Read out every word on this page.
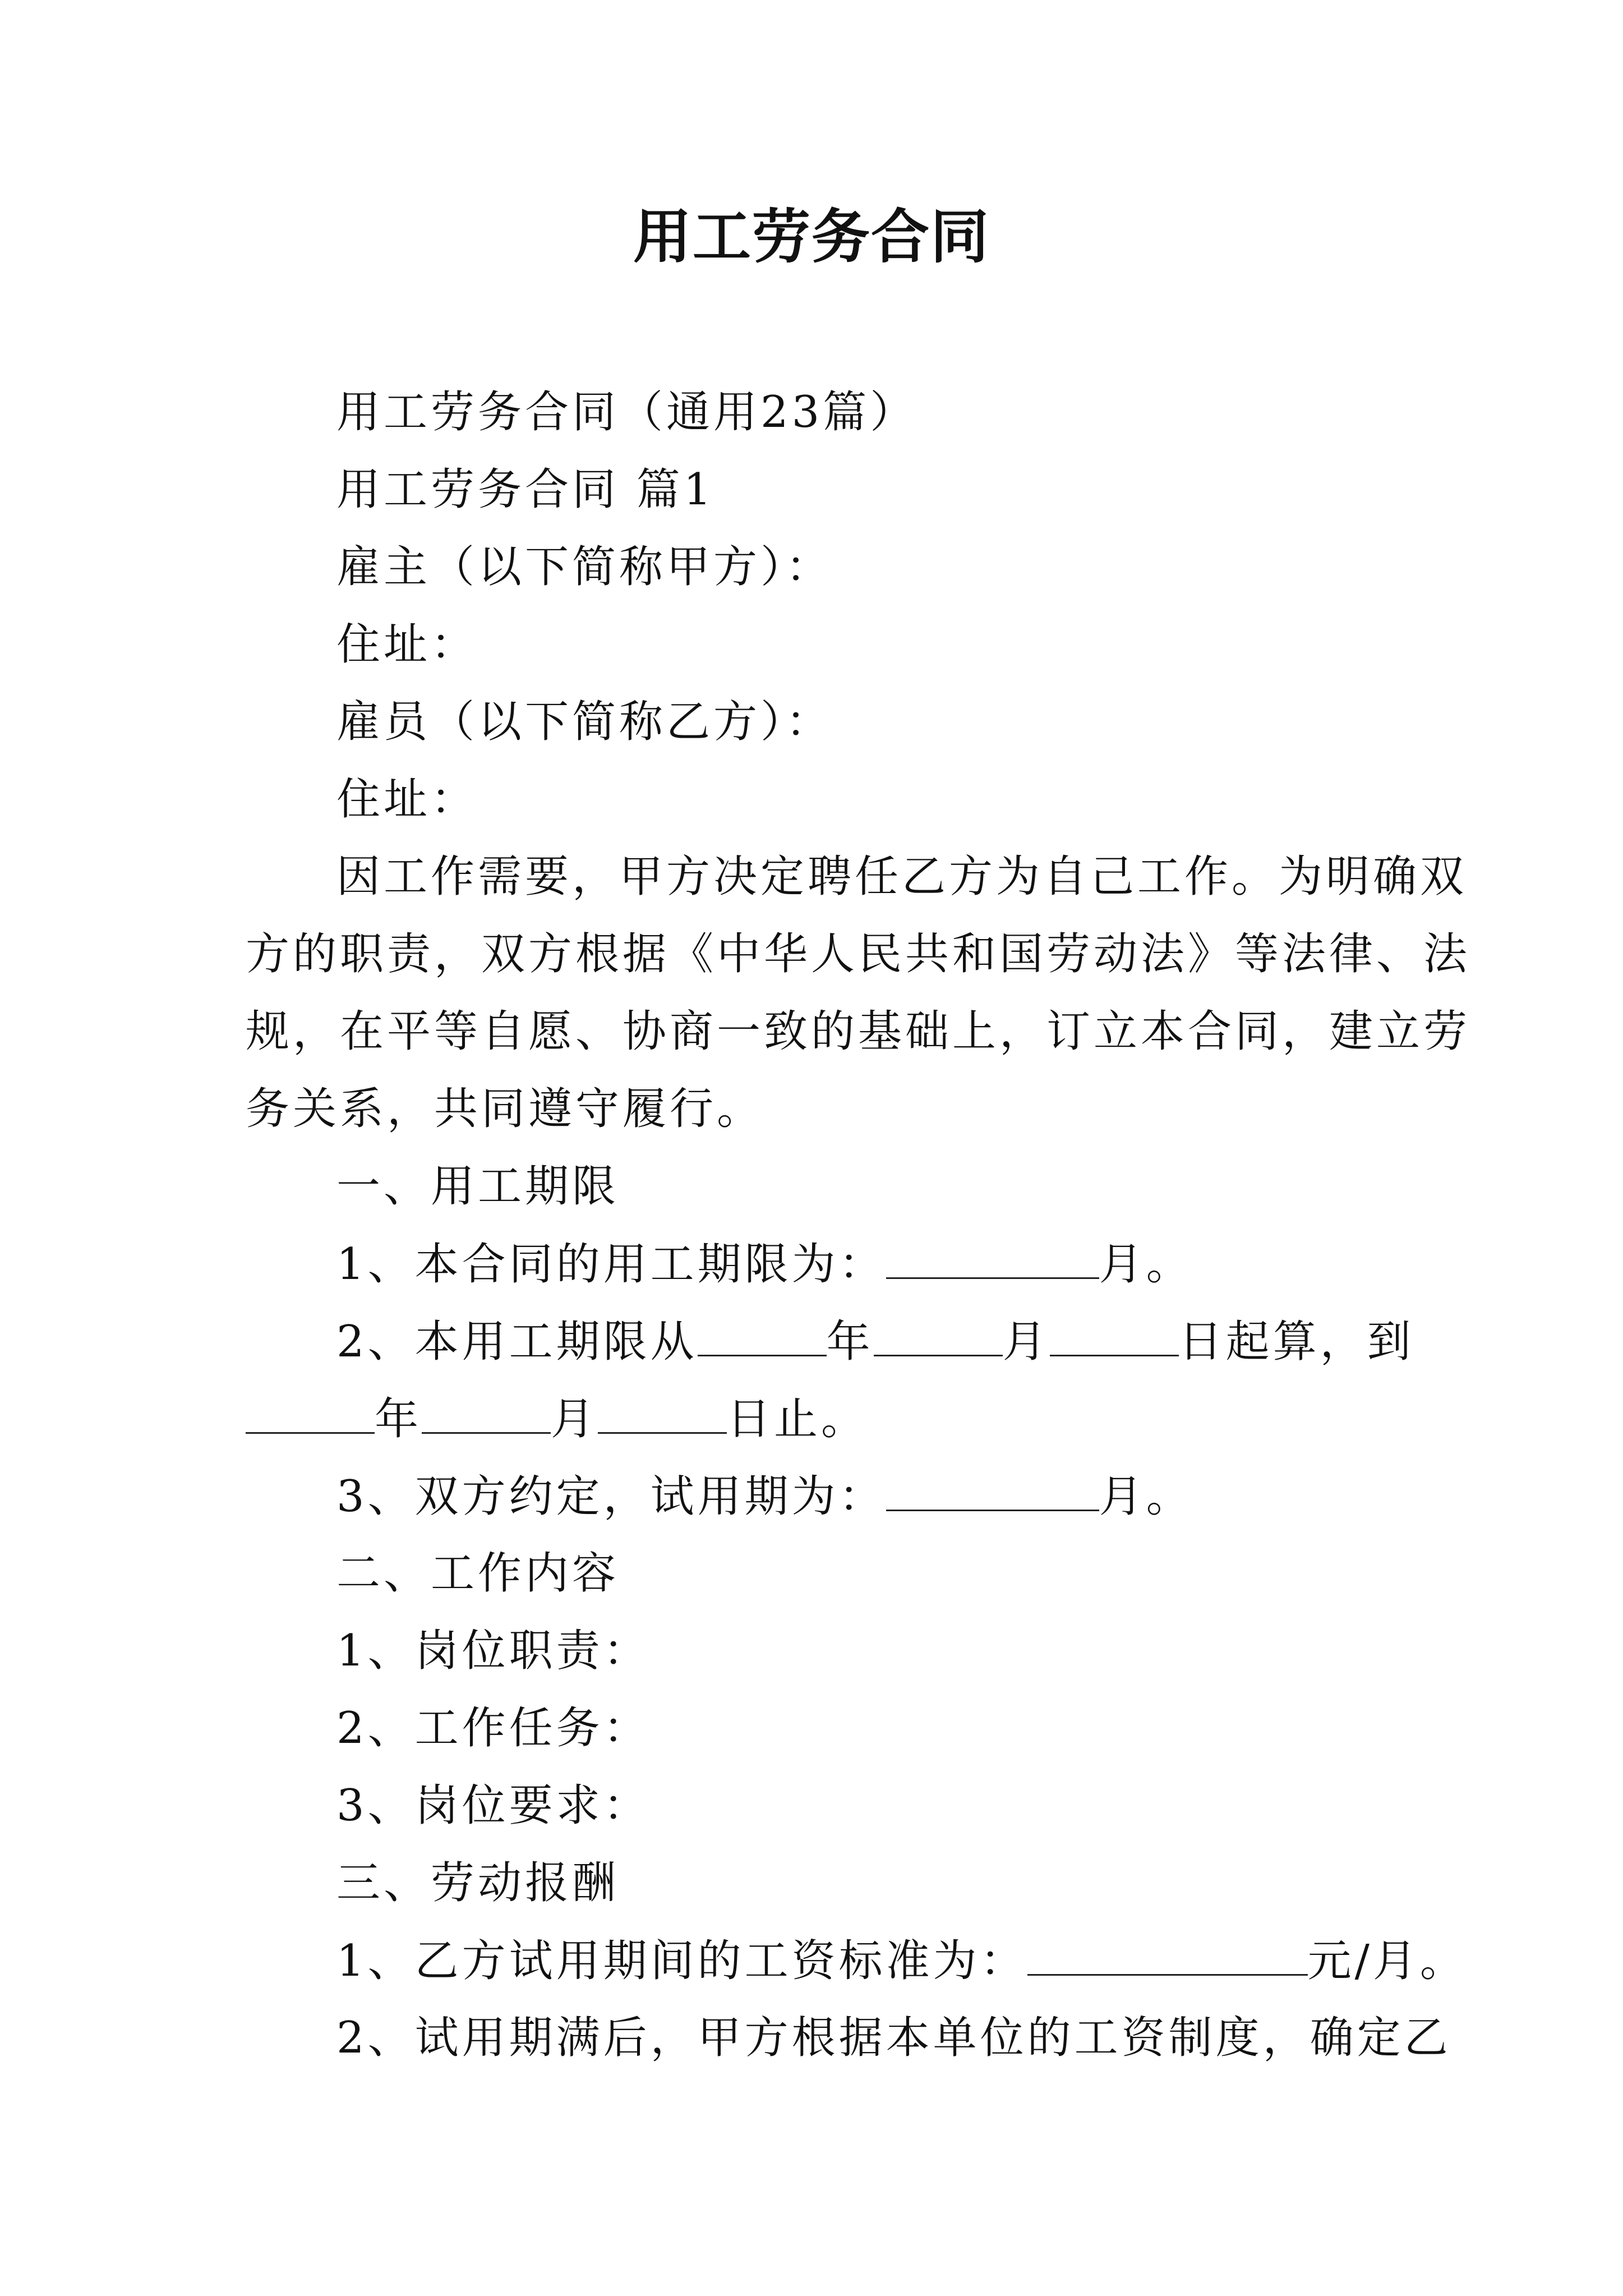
用工劳务合同
用工劳务合同（通用23篇）
用工劳务合同 篇1
雇主（以下简称甲方）：
住址：
雇员（以下简称乙方）：
住址：
因工作需要，甲方决定聘任乙方为自己工作。为明确双
方的职责，双方根据《中华人民共和国劳动法》等法律、法
规，在平等自愿、协商一致的基础上，订立本合同，建立劳
务关系，共同遵守履行。
一、用工期限
1、本合同的用工期限为：	月。
2、本用工期限从	年	月	日起算，到
年	月	日止。
3、双方约定，试用期为：	月。
二、工作内容
1、岗位职责：
2、工作任务：
3、岗位要求：
三、劳动报酬
1、乙方试用期间的工资标准为：	元/月。
2、试用期满后，甲方根据本单位的工资制度，确定乙
